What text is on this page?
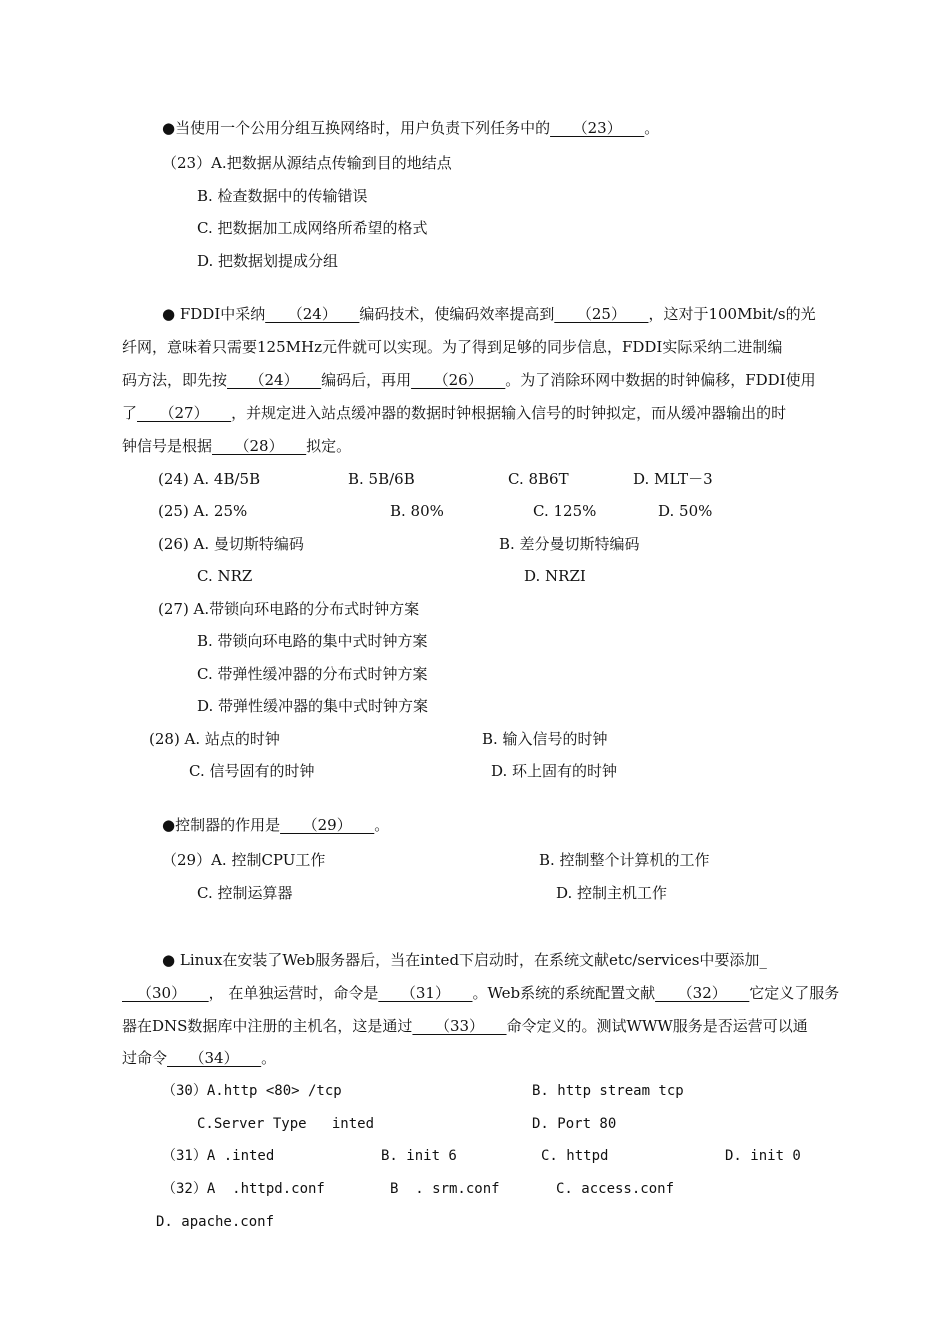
●当使用一个公用分组互换网络时，用户负责下列任务中的___（23）___。
（23）A.把数据从源结点传输到目的地结点
B. 检查数据中的传输错误
C. 把数据加工成网络所希望的格式
D. 把数据划提成分组
● FDDI中采纳___（24）___编码技术，使编码效率提高到___（25）___，这对于100Mbit/s的光
纤网，意味着只需要125MHz元件就可以实现。为了得到足够的同步信息，FDDI实际采纳二进制编
码方法，即先按___（24）___编码后，再用___（26）___。为了消除环网中数据的时钟偏移，FDDI使用
了___（27）___，并规定进入站点缓冲器的数据时钟根据输入信号的时钟拟定，而从缓冲器输出的时
钟信号是根据___（28）___拟定。
(24) A. 4B/5B	B. 5B/6B	C. 8B6T	D. MLT－3
(25) A. 25%	B. 80%	C. 125%	D. 50%
(26) A. 曼切斯特编码	B. 差分曼切斯特编码
C. NRZ	D. NRZI
(27) A.带锁向环电路的分布式时钟方案
B. 带锁向环电路的集中式时钟方案
C. 带弹性缓冲器的分布式时钟方案
D. 带弹性缓冲器的集中式时钟方案
(28) A. 站点的时钟	B. 输入信号的时钟
C. 信号固有的时钟	D. 环上固有的时钟
●控制器的作用是___（29）___。
（29）A. 控制CPU工作	B. 控制整个计算机的工作
C. 控制运算器	D. 控制主机工作
● Linux在安装了Web服务器后，当在inted下启动时，在系统文献etc/services中要添加_
__（30）___， 在单独运营时，命令是___（31）___。Web系统的系统配置文献___（32）___它定义了服务
器在DNS数据库中注册的主机名，这是通过___（33）___命令定义的。测试WWW服务是否运营可以通
过命令___（34）___。
（30）A.http <80> /tcp	B. http stream tcp
C.Server Type   inted	D. Port 80
（31）A .inted	B. init 6	C. httpd	D. init 0
（32）A  .httpd.conf	B  . srm.conf	C. access.conf
D. apache.conf
